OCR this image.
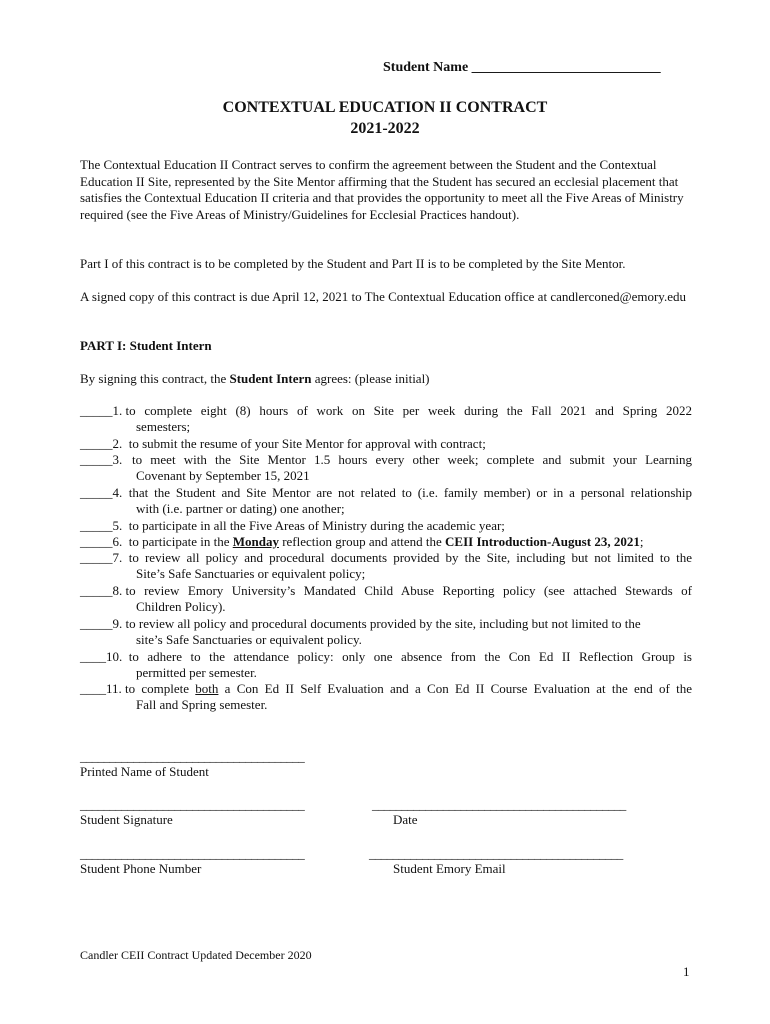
Student Name ___________________________
CONTEXTUAL EDUCATION II CONTRACT
2021-2022

The Contextual Education II Contract serves to confirm the agreement between the Student and the Contextual Education II Site, represented by the Site Mentor affirming that the Student has secured an ecclesial placement that satisfies the Contextual Education II criteria and that provides the opportunity to meet all the Five Areas of Ministry required (see the Five Areas of Ministry/Guidelines for Ecclesial Practices handout).

Part I of this contract is to be completed by the Student and Part II is to be completed by the Site Mentor.

A signed copy of this contract is due April 12, 2021 to The Contextual Education office at candlerconed@emory.edu

PART I: Student Intern
By signing this contract, the Student Intern agrees: (please initial)
_____1. to complete eight (8) hours of work on Site per week during the Fall 2021 and Spring 2022
semesters;
_____2. to submit the resume of your Site Mentor for approval with contract;
_____3. to meet with the Site Mentor 1.5 hours every other week; complete and submit your Learning
Covenant by September 15, 2021
_____4. that the Student and Site Mentor are not related to (i.e. family member) or in a personal relationship
with (i.e. partner or dating) one another;
_____5. to participate in all the Five Areas of Ministry during the academic year;
_____6. to participate in the Monday reflection group and attend the CEII Introduction-August 23, 2021;
_____7. to review all policy and procedural documents provided by the Site, including but not limited to the
Site’s Safe Sanctuaries or equivalent policy;
_____8. to review Emory University’s Mandated Child Abuse Reporting policy (see attached Stewards of
Children Policy).
_____9. to review all policy and procedural documents provided by the site, including but not limited to the
site’s Safe Sanctuaries or equivalent policy.
____10. to adhere to the attendance policy: only one absence from the Con Ed II Reflection Group is
permitted per semester.
____11. to complete both a Con Ed II Self Evaluation and a Con Ed II Course Evaluation at the end of the
Fall and Spring semester.
______________________________________
Printed Name of Student
______________________________________	___________________________________________
Student Signature	Date
______________________________________	___________________________________________
Student Phone Number	Student Emory Email
Candler CEII Contract Updated December 2020
1
